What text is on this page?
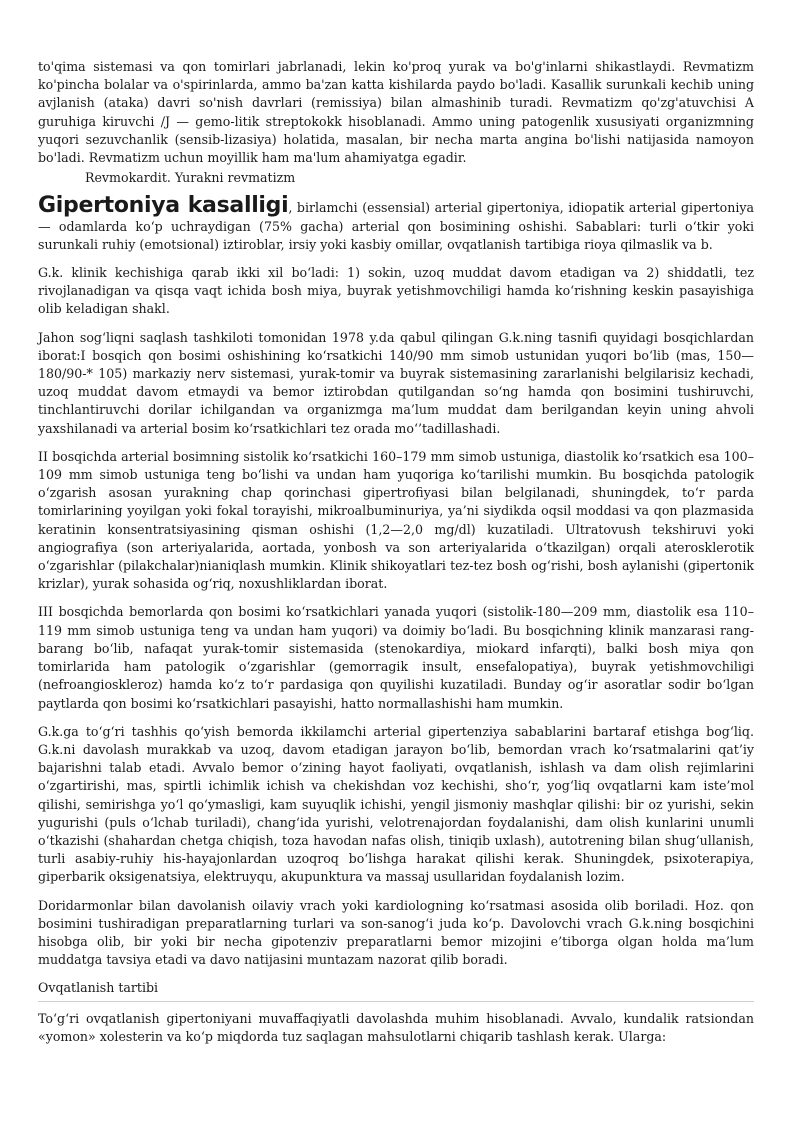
to'qima sistemasi va qon tomirlari jabrlanadi, lekin ko'proq yurak va bo'g'inlarni shikastlaydi. Revmatizm ko'pincha bolalar va o'spirinlarda, ammo ba'zan katta kishilarda paydo bo'ladi. Kasallik surunkali kechib uning avjlanish (ataka) davri so'nish davrlari (remissiya) bilan almashinib turadi. Revmatizm qo'zg'atuvchisi A guruhiga kiruvchi /J — gemo-litik streptokokk hisoblanadi. Ammo uning patogenlik xususiyati organizmning yuqori sezuvchanlik (sensib-lizasiya) holatida, masalan, bir necha marta angina bo'lishi natijasida namoyon bo'ladi. Revmatizm uchun moyillik ham ma'lum ahamiyatga egadir.

Revmokardit. Yurakni revmatizm

Gipertoniya kasalligi, birlamchi (essensial) arterial gipertoniya, idiopatik arterial gipertoniya — odamlarda ko‘p uchraydigan (75% gacha) arterial qon bosimining oshishi. Sabablari: turli o‘tkir yoki surunkali ruhiy (emotsional) iztiroblar, irsiy yoki kasbiy omillar, ovqatlanish tartibiga rioya qilmaslik va b.

G.k. klinik kechishiga qarab ikki xil bo‘ladi: 1) sokin, uzoq muddat davom etadigan va 2) shiddatli, tez rivojlanadigan va qisqa vaqt ichida bosh miya, buyrak yetishmovchiligi hamda ko‘rishning keskin pasayishiga olib keladigan shakl.

Jahon sog‘liqni saqlash tashkiloti tomonidan 1978 y.da qabul qilingan G.k.ning tasnifi quyidagi bosqichlardan iborat:I bosqich qon bosimi oshishining ko‘rsatkichi 140/90 mm simob ustunidan yuqori bo‘lib (mas, 150—180/90-* 105) markaziy nerv sistemasi, yurak-tomir va buyrak sistemasining zararlanishi belgilarisiz kechadi, uzoq muddat davom etmaydi va bemor iztirobdan qutilgandan so‘ng hamda qon bosimini tushiruvchi, tinchlantiruvchi dorilar ichilgandan va organizmga ma’lum muddat dam berilgandan keyin uning ahvoli yaxshilanadi va arterial bosim ko‘rsatkichlari tez orada mo‘’tadillashadi.

II bosqichda arterial bosimning sistolik ko‘rsatkichi 160–179 mm simob ustuniga, diastolik ko‘rsatkich esa 100–109 mm simob ustuniga teng bo‘lishi va undan ham yuqoriga ko‘tarilishi mumkin. Bu bosqichda patologik o‘zgarish asosan yurakning chap qorinchasi gipertrofiyasi bilan belgilanadi, shuningdek, to‘r parda tomirlarining yoyilgan yoki fokal torayishi, mikroalbuminuriya, ya’ni siydikda oqsil moddasi va qon plazmasida keratinin konsentratsiyasining qisman oshishi (1,2—2,0 mg/dl) kuzatiladi. Ultratovush tekshiruvi yoki angiografiya (son arteriyalarida, aortada, yonbosh va son arteriyalarida o‘tkazilgan) orqali aterosklerotik o‘zgarishlar (pilakchalar)nianiqlash mumkin. Klinik shikoyatlari tez-tez bosh og‘rishi, bosh aylanishi (gipertonik krizlar), yurak sohasida og‘riq, noxushliklardan iborat.

III bosqichda bemorlarda qon bosimi ko‘rsatkichlari yanada yuqori (sistolik-180—209 mm, diastolik esa 110–119 mm simob ustuniga teng va undan ham yuqori) va doimiy bo‘ladi. Bu bosqichning klinik manzarasi rang-barang bo‘lib, nafaqat yurak-tomir sistemasida (stenokardiya, miokard infarqti), balki bosh miya qon tomirlarida ham patologik o‘zgarishlar (gemorragik insult, ensefalopatiya), buyrak yetishmovchiligi (nefroangioskleroz) hamda ko‘z to‘r pardasiga qon quyilishi kuzatiladi. Bunday og‘ir asoratlar sodir bo‘lgan paytlarda qon bosimi ko‘rsatkichlari pasayishi, hatto normallashishi ham mumkin.

G.k.ga to‘g‘ri tashhis qo‘yish bemorda ikkilamchi arterial gipertenziya sabablarini bartaraf etishga bog‘liq. G.k.ni davolash murakkab va uzoq, davom etadigan jarayon bo‘lib, bemordan vrach ko‘rsatmalarini qat’iy bajarishni talab etadi. Avvalo bemor o‘zining hayot faoliyati, ovqatlanish, ishlash va dam olish rejimlarini o‘zgartirishi, mas, spirtli ichimlik ichish va chekishdan voz kechishi, sho‘r, yog‘liq ovqatlarni kam iste’mol qilishi, semirishga yo‘l qo‘ymasligi, kam suyuqlik ichishi, yengil jismoniy mashqlar qilishi: bir oz yurishi, sekin yugurishi (puls o‘lchab turiladi), chang‘ida yurishi, velotrenajordan foydalanishi, dam olish kunlarini unumli o‘tkazishi (shahardan chetga chiqish, toza havodan nafas olish, tiniqib uxlash), autotrening bilan shug‘ullanish, turli asabiy-ruhiy his-hayajonlardan uzoqroq bo‘lishga harakat qilishi kerak. Shuningdek, psixoterapiya, giperbarik oksigenatsiya, elektruyqu, akupunktura va massaj usullaridan foydalanish lozim.

Doridarmonlar bilan davolanish oilaviy vrach yoki kardiologning ko‘rsatmasi asosida olib boriladi. Hoz. qon bosimini tushiradigan preparatlarning turlari va son-sanog‘i juda ko‘p. Davolovchi vrach G.k.ning bosqichini hisobga olib, bir yoki bir necha gipotenziv preparatlarni bemor mizojini e’tiborga olgan holda ma’lum muddatga tavsiya etadi va davo natijasini muntazam nazorat qilib boradi.

Ovqatlanish tartibi

To‘g‘ri ovqatlanish gipertoniyani muvaffaqiyatli davolashda muhim hisoblanadi. Avvalo, kundalik ratsiondan «yomon» xolesterin va ko‘p miqdorda tuz saqlagan mahsulotlarni chiqarib tashlash kerak. Ularga:
